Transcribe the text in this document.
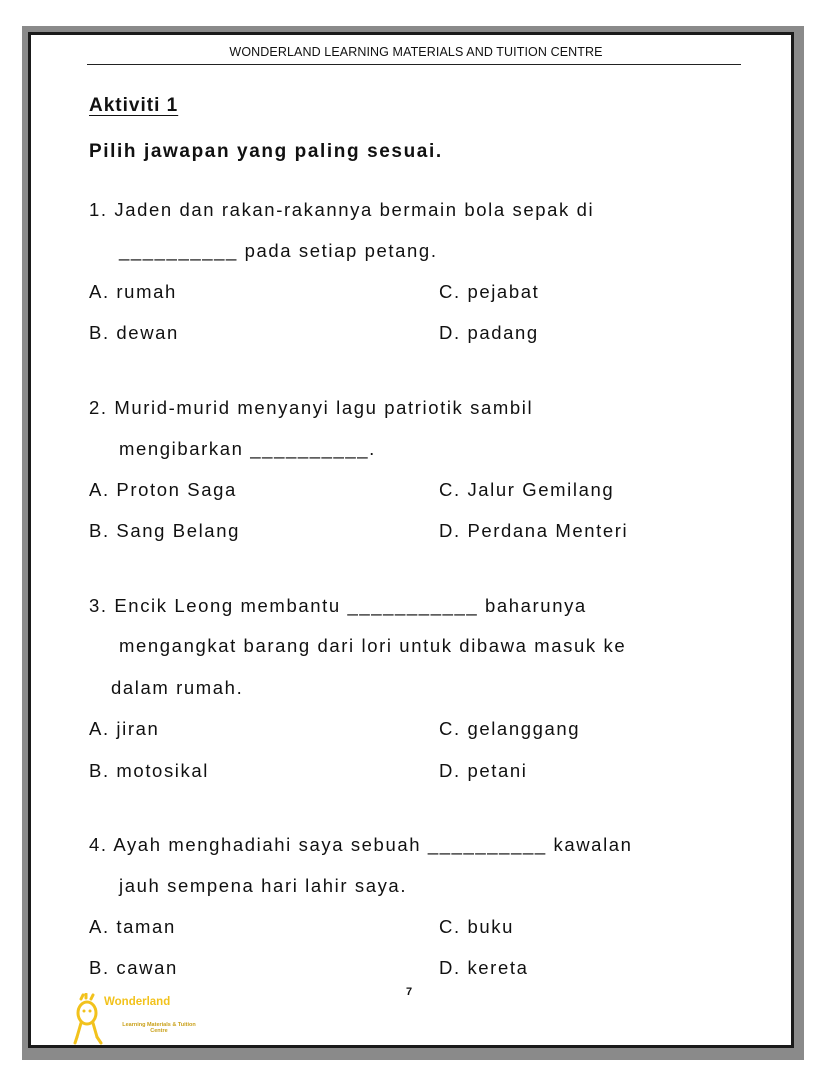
WONDERLAND LEARNING MATERIALS AND TUITION CENTRE
Aktiviti 1
Pilih jawapan yang paling sesuai.
1. Jaden dan rakan-rakannya bermain bola sepak di
__________ pada setiap petang.
A. rumah	C. pejabat
B. dewan	D. padang
2. Murid-murid menyanyi lagu patriotik sambil
mengibarkan __________.
A. Proton Saga	C. Jalur Gemilang
B. Sang Belang	D. Perdana Menteri
3. Encik Leong membantu ___________ baharunya
mengangkat barang dari lori untuk dibawa masuk ke
dalam rumah.
A. jiran	C. gelanggang
B. motosikal	D. petani
4. Ayah menghadiahi saya sebuah __________ kawalan
jauh sempena hari lahir saya.
A. taman	C. buku
B. cawan	D. kereta
7
Wonderland
Learning Materials & Tuition Centre
